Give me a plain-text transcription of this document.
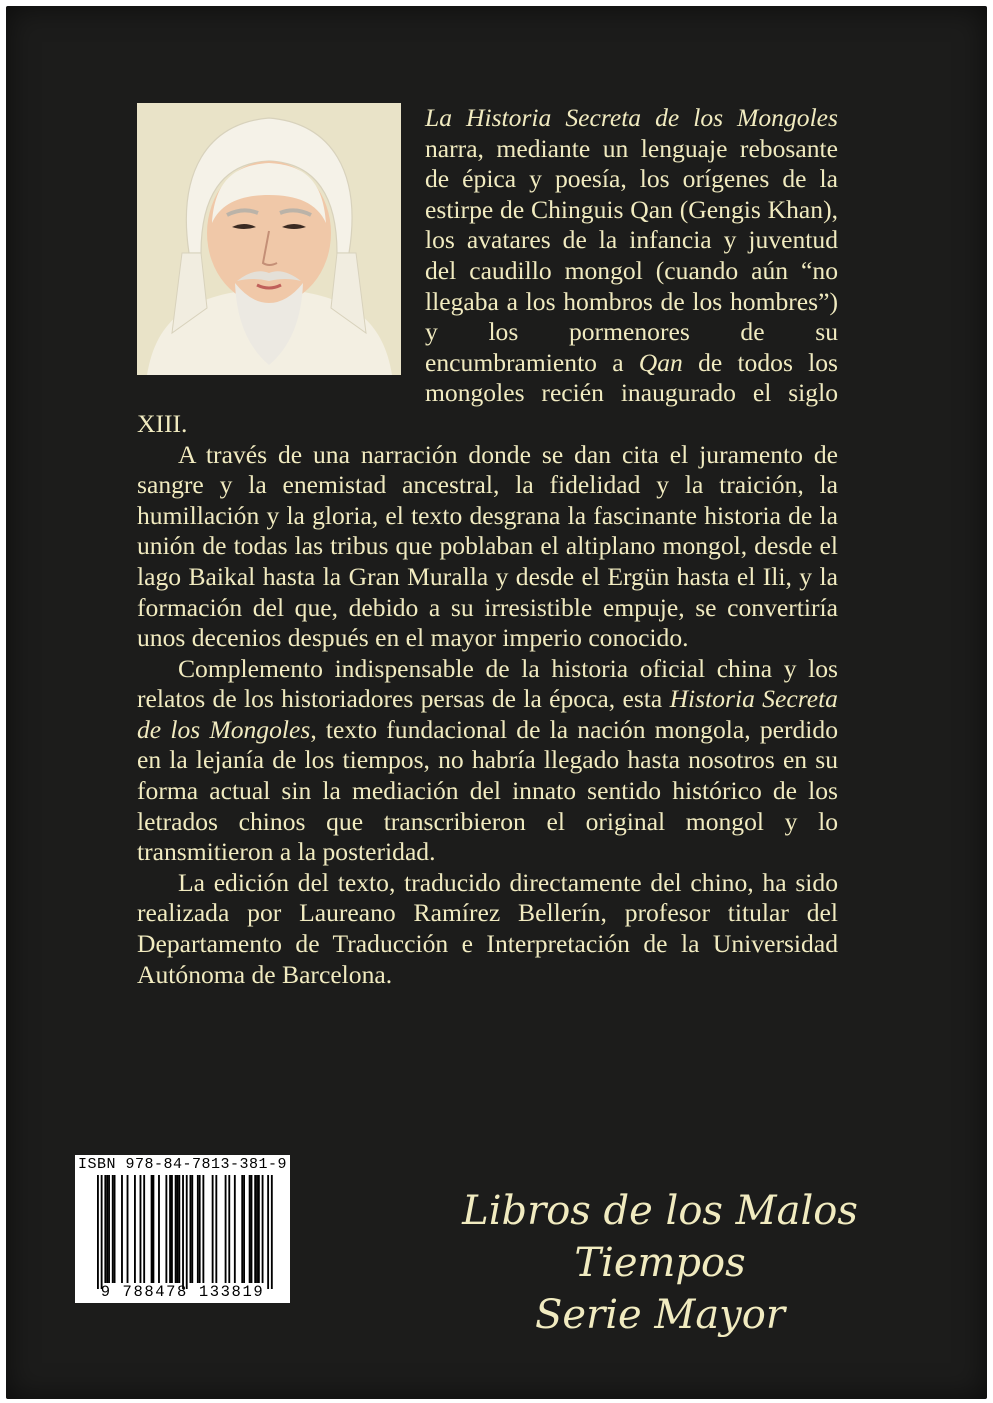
La Historia Secreta de los Mongoles narra, mediante un lenguaje rebosante de épica y poesía, los orígenes de la estirpe de Chinguis Qan (Gengis Khan), los avatares de la infancia y juventud del caudillo mongol (cuando aún “no llegaba a los hombros de los hombres”) y los pormenores de su encumbramiento a Qan de todos los mongoles recién inaugurado el siglo XIII.

A través de una narración donde se dan cita el juramento de sangre y la enemistad ancestral, la fidelidad y la traición, la humillación y la gloria, el texto desgrana la fascinante historia de la unión de todas las tribus que poblaban el altiplano mongol, desde el lago Baikal hasta la Gran Muralla y desde el Ergün hasta el Ili, y la formación del que, debido a su irresistible empuje, se convertiría unos decenios después en el mayor imperio conocido.

Complemento indispensable de la historia oficial china y los relatos de los historiadores persas de la época, esta Historia Secreta de los Mongoles, texto fundacional de la nación mongola, perdido en la lejanía de los tiempos, no habría llegado hasta nosotros en su forma actual sin la mediación del innato sentido histórico de los letrados chinos que transcribieron el original mongol y lo transmitieron a la posteridad.

La edición del texto, traducido directamente del chino, ha sido realizada por Laureano Ramírez Bellerín, profesor titular del Departamento de Traducción e Interpretación de la Universidad Autónoma de Barcelona.

ISBN 978-84-7813-381-9
9 788478 133819
Libros de los Malos Tiempos
Serie Mayor
